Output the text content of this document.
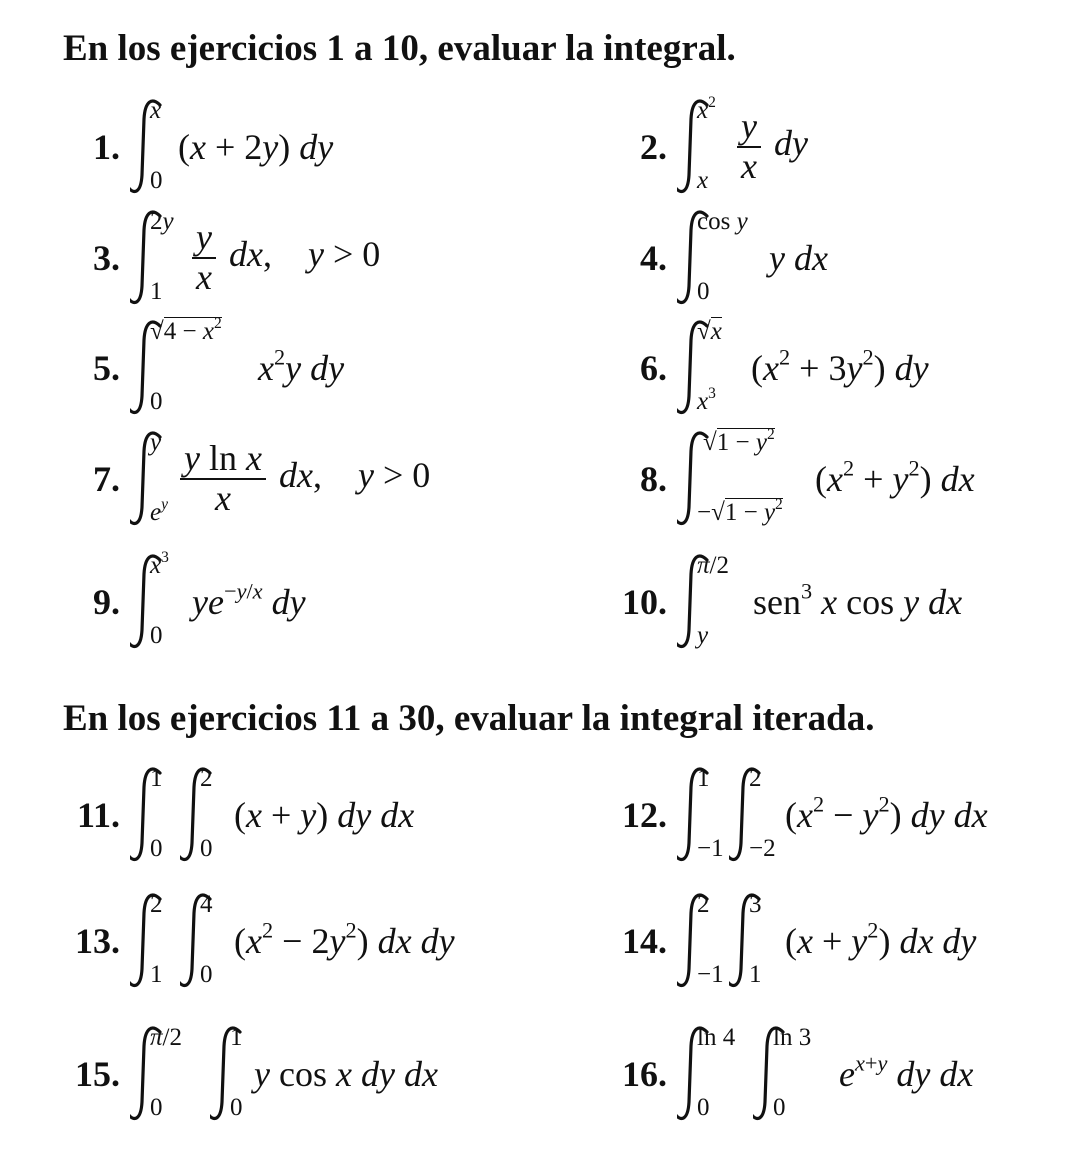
En los ejercicios 1 a 10, evaluar la integral.
1.
x
0
(x + 2y) dy	2.
$x^2$
x $\frac{y}{x}$ dy
3.
2y
$1 \frac{y}{x}$ dx,    y > 0	4.
cos y
0
y dx
5.
$√4 - x^2$
0
$x^2y$ dy	6.
√x
$x^3$
$(x^2 + 3y^2)$ dy
7.
y
$e^y \frac{\text{y ln x}}{x}$ dx,    y > 0	8.
$√1 - y^2$
$-√1 - y^2$
$(x^2 + y^2)$ dx
9.
$x^3$
0
$ye^{-y/x}$ dy	10.
π/2
y
sen$^3$ x cos y dx
En los ejercicios 11 a 30, evaluar la integral iterada.
11.
1
0
2
0
(x + y) dy dx	12.
1
−1
2
−2
$(x^2 - y^2)$ dy dx
13.
2
1
4
0
$(x^2 - 2y^2)$ dx dy	14.
2
−1
3
1
$(x + y^2)$ dx dy
15.
π/2
0
1
0
y cos x dy dx	16.
ln 4
0
ln 3
0
$e^{x+y}$ dy dx
